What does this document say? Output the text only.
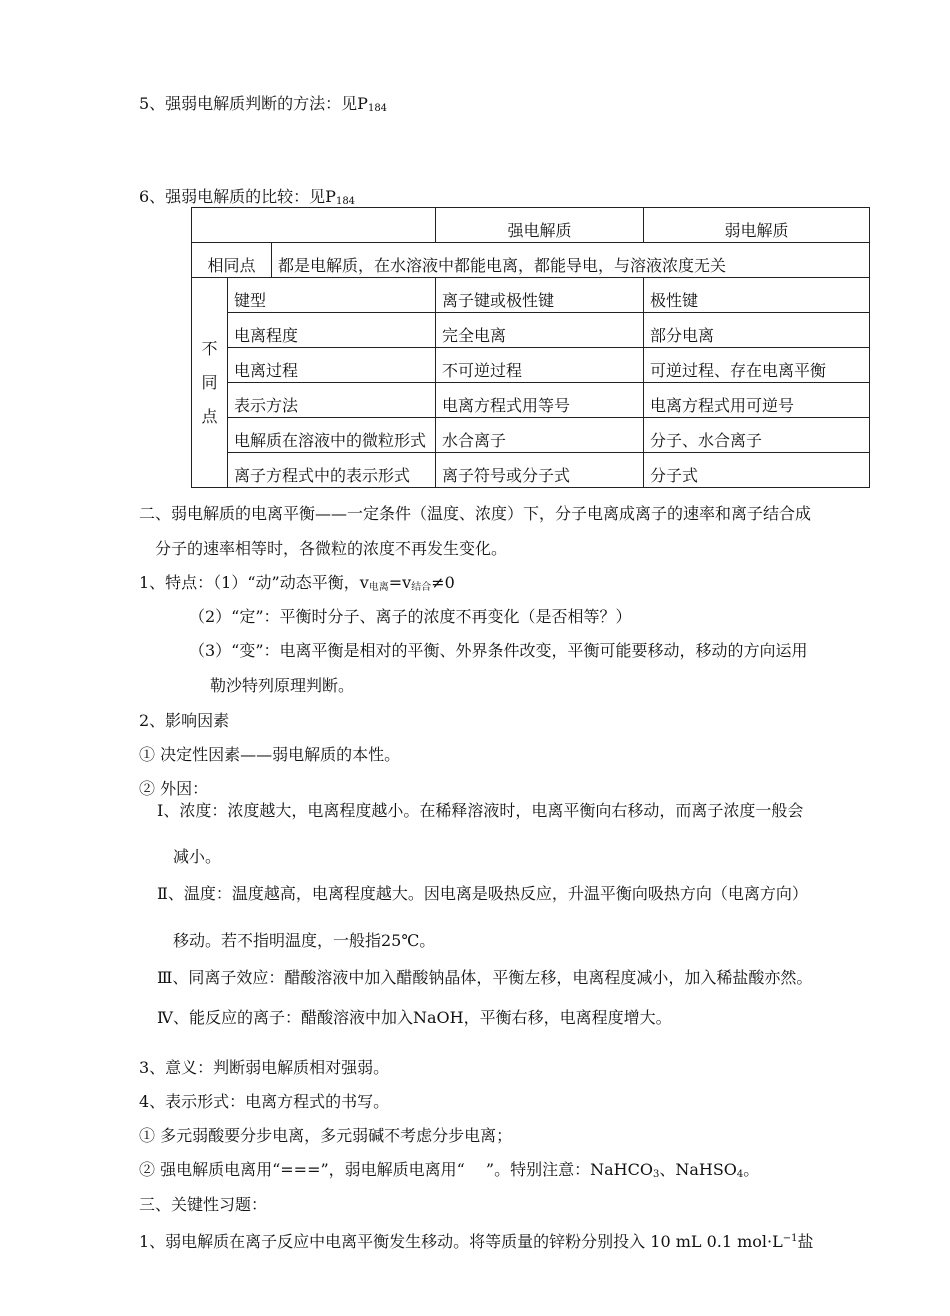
5、强弱电解质判断的方法：见$P_{184}$
6、强弱电解质的比较：见$P_{184}$
			强电解质	弱电解质
相同点		都是电解质，在水溶液中都能电离，都能导电，与溶液浓度无关		

不
同
点	键型		离子键或极性键	极性键
	电离程度		完全电离	部分电离
	电离过程		不可逆过程	可逆过程、存在电离平衡
	表示方法		电离方程式用等号	电离方程式用可逆号
	电解质在溶液中的微粒形式		水合离子	分子、水合离子
	离子方程式中的表示形式		离子符号或分子式	分子式
二、弱电解质的电离平衡——一定条件（温度、浓度）下，分子电离成离子的速率和离子结合成
分子的速率相等时，各微粒的浓度不再发生变化。
1、特点：（1）“动”动态平衡，$v_{电离}=v_{结合}\ne 0$
（2）“定”：平衡时分子、离子的浓度不再变化（是否相等？）
（3）“变”：电离平衡是相对的平衡、外界条件改变，平衡可能要移动，移动的方向运用
勒沙特列原理判断。
2、影响因素
① 决定性因素——弱电解质的本性。
② 外因：
Ⅰ、浓度：浓度越大，电离程度越小。在稀释溶液时，电离平衡向右移动，而离子浓度一般会
减小。
Ⅱ、温度：温度越高，电离程度越大。因电离是吸热反应，升温平衡向吸热方向（电离方向）
移动。若不指明温度，一般指25℃。
Ⅲ、同离子效应：醋酸溶液中加入醋酸钠晶体，平衡左移，电离程度减小，加入稀盐酸亦然。
Ⅳ、能反应的离子：醋酸溶液中加入NaOH，平衡右移，电离程度增大。
3、意义：判断弱电解质相对强弱。
4、表示形式：电离方程式的书写。
① 多元弱酸要分步电离，多元弱碱不考虑分步电离；
② 强电解质电离用“===”，弱电解质电离用“　 ”。特别注意：NaHCO$_3$、NaHSO$_4$。
三、关键性习题：
1、弱电解质在离子反应中电离平衡发生移动。将等质量的锌粉分别投入 10 mL 0.1 $mol\cdot L^{-1}$盐
